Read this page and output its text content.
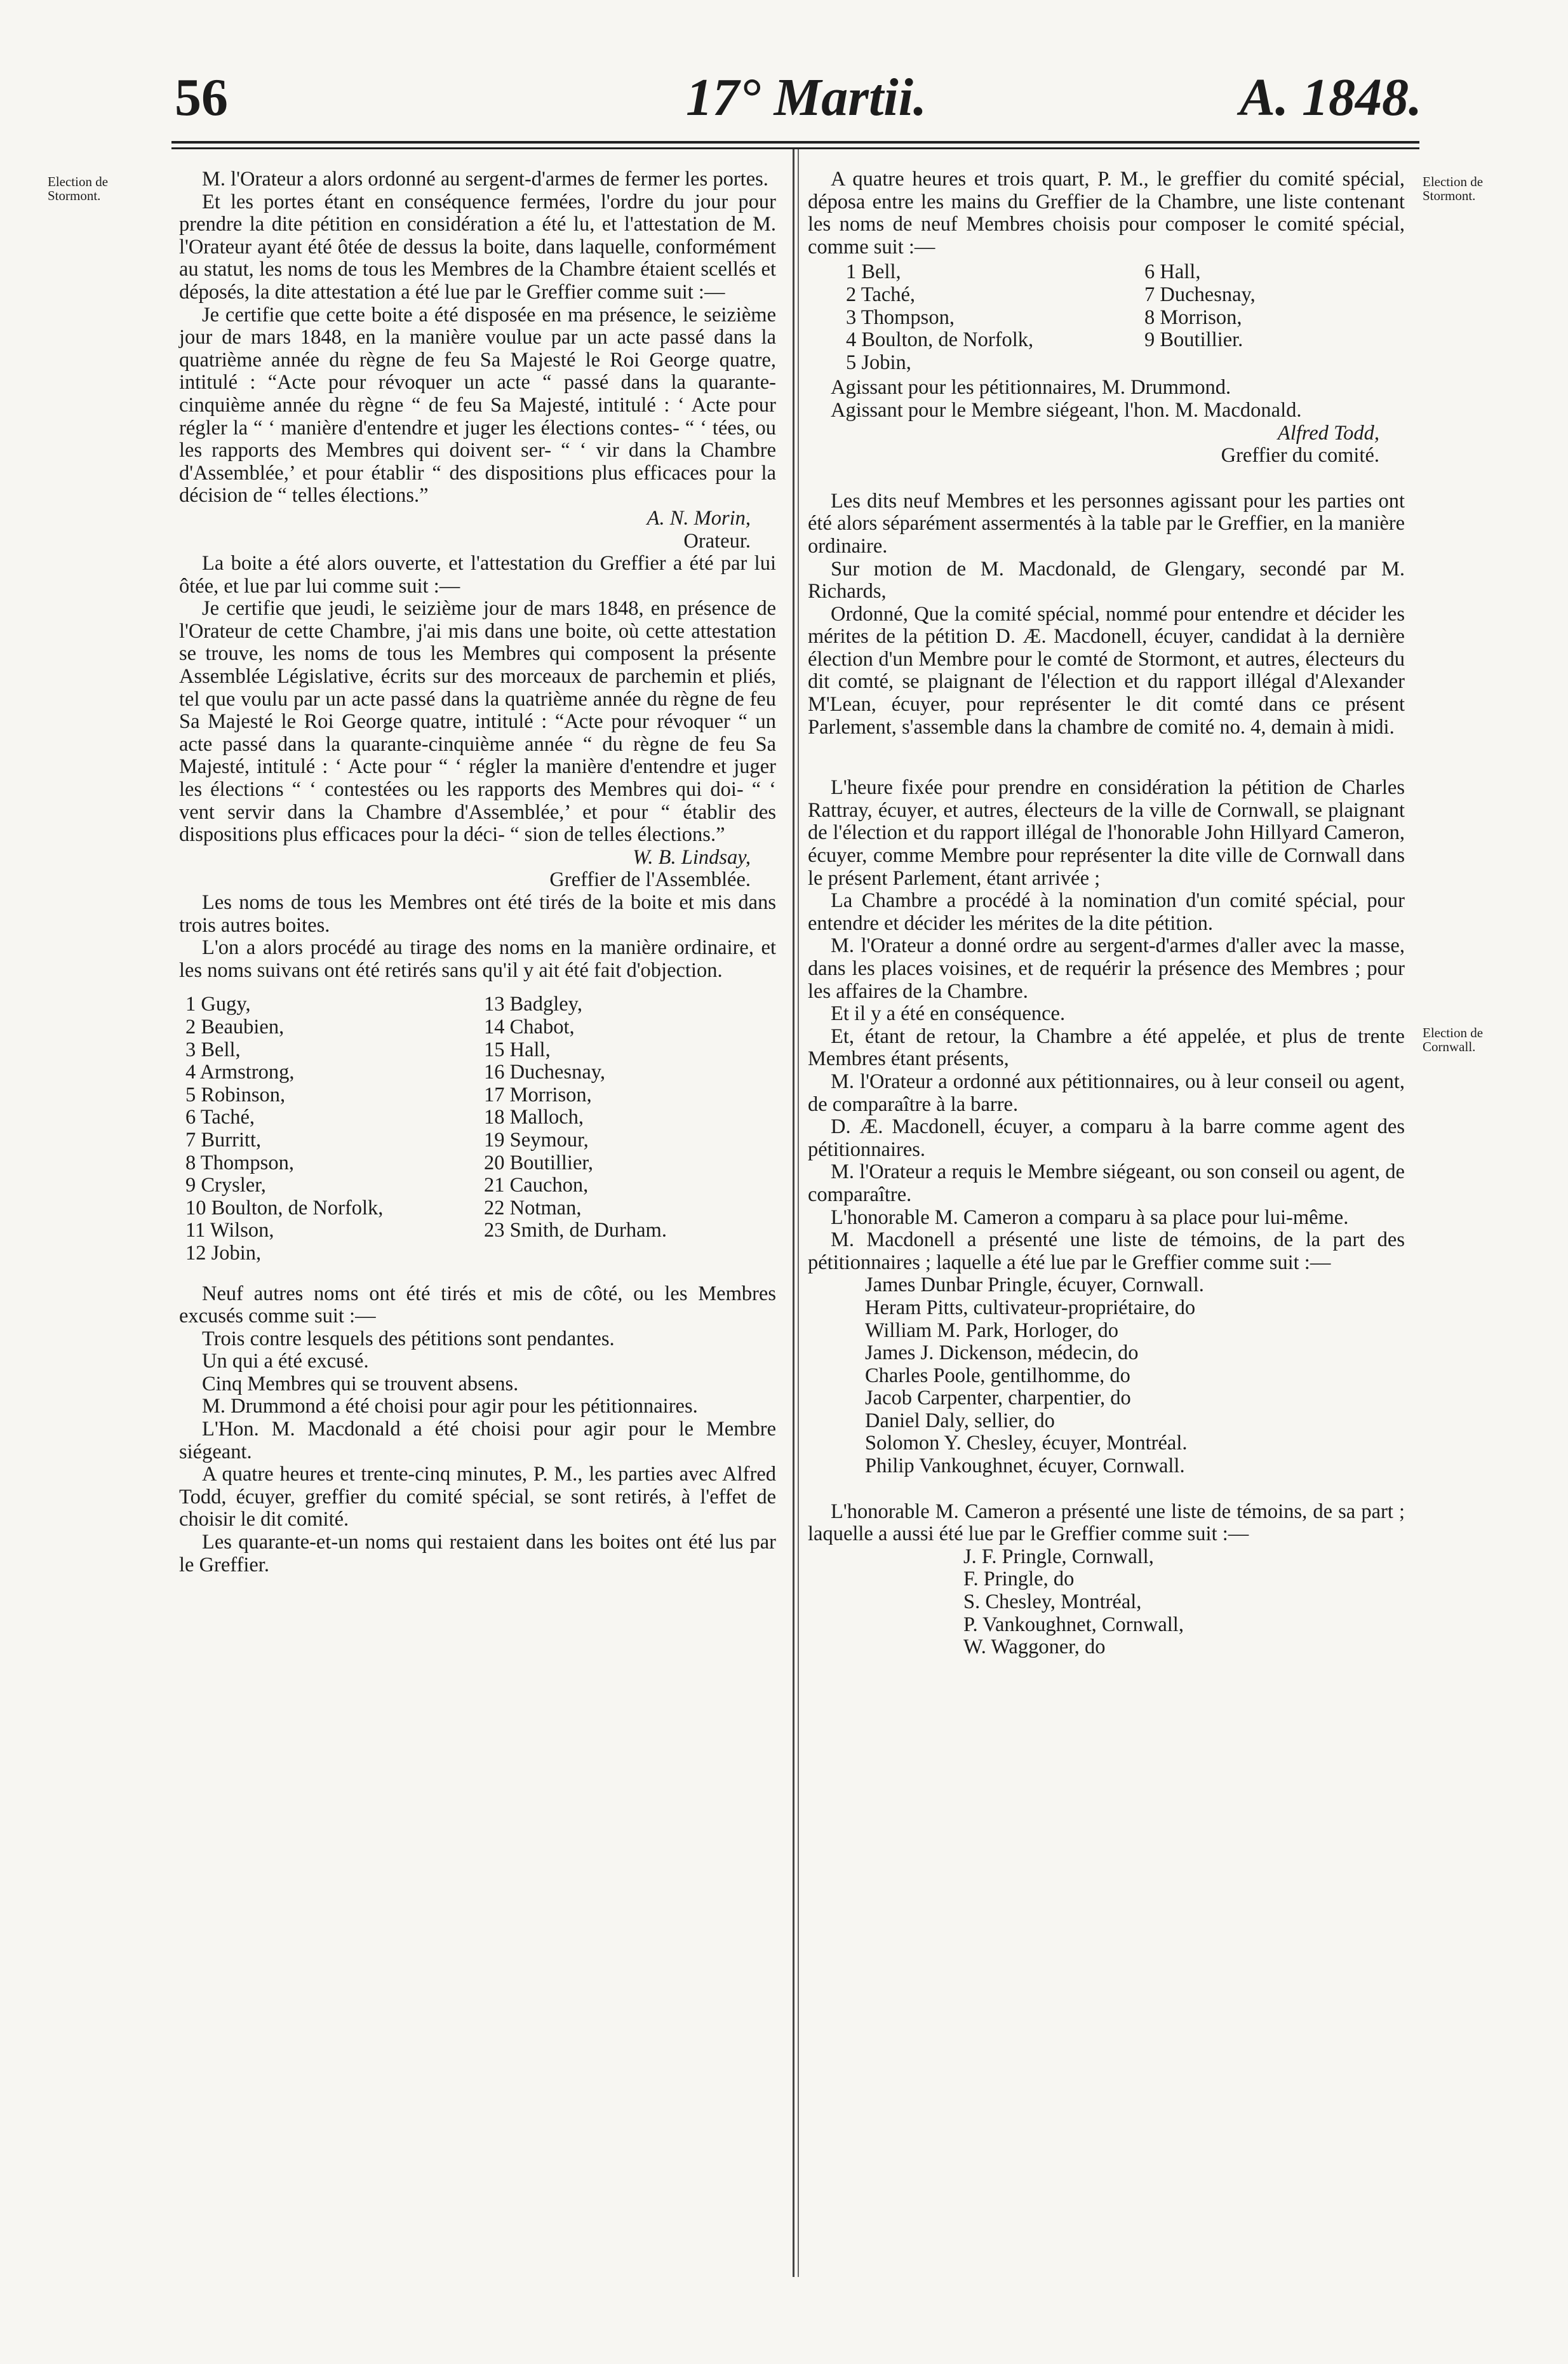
56	17° Martii.	A. 1848.
Election de Stormont.
Election de Stormont.
Election de Cornwall.

M. l'Orateur a alors ordonné au sergent-d'armes de fermer les portes.

Et les portes étant en conséquence fermées, l'ordre du jour pour prendre la dite pétition en considération a été lu, et l'attestation de M. l'Orateur ayant été ôtée de dessus la boite, dans laquelle, conformément au statut, les noms de tous les Membres de la Chambre étaient scellés et déposés, la dite attestation a été lue par le Greffier comme suit :—

Je certifie que cette boite a été disposée en ma présence, le seizième jour de mars 1848, en la manière voulue par un acte passé dans la quatrième année du règne de feu Sa Majesté le Roi George quatre, intitulé : “Acte pour révoquer un acte “ passé dans la quarante-cinquième année du règne “ de feu Sa Majesté, intitulé : ‘ Acte pour régler la “ ‘ manière d'entendre et juger les élections contes- “ ‘ tées, ou les rapports des Membres qui doivent ser- “ ‘ vir dans la Chambre d'Assemblée,’ et pour établir “ des dispositions plus efficaces pour la décision de “ telles élections.”

A. N. Morin,
Orateur.

La boite a été alors ouverte, et l'attestation du Greffier a été par lui ôtée, et lue par lui comme suit :—

Je certifie que jeudi, le seizième jour de mars 1848, en présence de l'Orateur de cette Chambre, j'ai mis dans une boite, où cette attestation se trouve, les noms de tous les Membres qui composent la présente Assemblée Législative, écrits sur des morceaux de parchemin et pliés, tel que voulu par un acte passé dans la quatrième année du règne de feu Sa Majesté le Roi George quatre, intitulé : “Acte pour révoquer “ un acte passé dans la quarante-cinquième année “ du règne de feu Sa Majesté, intitulé : ‘ Acte pour “ ‘ régler la manière d'entendre et juger les élections “ ‘ contestées ou les rapports des Membres qui doi- “ ‘ vent servir dans la Chambre d'Assemblée,’ et pour “ établir des dispositions plus efficaces pour la déci- “ sion de telles élections.”

W. B. Lindsay,
Greffier de l'Assemblée.

Les noms de tous les Membres ont été tirés de la boite et mis dans trois autres boites.

L'on a alors procédé au tirage des noms en la manière ordinaire, et les noms suivans ont été retirés sans qu'il y ait été fait d'objection.

1 Gugy,	13 Badgley,
2 Beaubien,	14 Chabot,
3 Bell,	15 Hall,
4 Armstrong,	16 Duchesnay,
5 Robinson,	17 Morrison,
6 Taché,	18 Malloch,
7 Burritt,	19 Seymour,
8 Thompson,	20 Boutillier,
9 Crysler,	21 Cauchon,
10 Boulton, de Norfolk,	22 Notman,
11 Wilson,	23 Smith, de Durham.
12 Jobin,

Neuf autres noms ont été tirés et mis de côté, ou les Membres excusés comme suit :—

Trois contre lesquels des pétitions sont pendantes.

Un qui a été excusé.

Cinq Membres qui se trouvent absens.

M. Drummond a été choisi pour agir pour les pétitionnaires.

L'Hon. M. Macdonald a été choisi pour agir pour le Membre siégeant.

A quatre heures et trente-cinq minutes, P. M., les parties avec Alfred Todd, écuyer, greffier du comité spécial, se sont retirés, à l'effet de choisir le dit comité.

Les quarante-et-un noms qui restaient dans les boites ont été lus par le Greffier.

A quatre heures et trois quart, P. M., le greffier du comité spécial, déposa entre les mains du Greffier de la Chambre, une liste contenant les noms de neuf Membres choisis pour composer le comité spécial, comme suit :—

1 Bell,	6 Hall,
2 Taché,	7 Duchesnay,
3 Thompson,	8 Morrison,
4 Boulton, de Norfolk,	9 Boutillier.
5 Jobin,

Agissant pour les pétitionnaires, M. Drummond.

Agissant pour le Membre siégeant, l'hon. M. Macdonald.

Alfred Todd,
Greffier du comité.

Les dits neuf Membres et les personnes agissant pour les parties ont été alors séparément assermentés à la table par le Greffier, en la manière ordinaire.

Sur motion de M. Macdonald, de Glengary, secondé par M. Richards,

Ordonné, Que la comité spécial, nommé pour entendre et décider les mérites de la pétition D. Æ. Macdonell, écuyer, candidat à la dernière élection d'un Membre pour le comté de Stormont, et autres, électeurs du dit comté, se plaignant de l'élection et du rapport illégal d'Alexander M'Lean, écuyer, pour représenter le dit comté dans ce présent Parlement, s'assemble dans la chambre de comité no. 4, demain à midi.

L'heure fixée pour prendre en considération la pétition de Charles Rattray, écuyer, et autres, électeurs de la ville de Cornwall, se plaignant de l'élection et du rapport illégal de l'honorable John Hillyard Cameron, écuyer, comme Membre pour représenter la dite ville de Cornwall dans le présent Parlement, étant arrivée ;

La Chambre a procédé à la nomination d'un comité spécial, pour entendre et décider les mérites de la dite pétition.

M. l'Orateur a donné ordre au sergent-d'armes d'aller avec la masse, dans les places voisines, et de requérir la présence des Membres ; pour les affaires de la Chambre.

Et il y a été en conséquence.

Et, étant de retour, la Chambre a été appelée, et plus de trente Membres étant présents,

M. l'Orateur a ordonné aux pétitionnaires, ou à leur conseil ou agent, de comparaître à la barre.

D. Æ. Macdonell, écuyer, a comparu à la barre comme agent des pétitionnaires.

M. l'Orateur a requis le Membre siégeant, ou son conseil ou agent, de comparaître.

L'honorable M. Cameron a comparu à sa place pour lui-même.

M. Macdonell a présenté une liste de témoins, de la part des pétitionnaires ; laquelle a été lue par le Greffier comme suit :—

James Dunbar Pringle, écuyer, Cornwall.
Heram Pitts, cultivateur-propriétaire, do
William M. Park, Horloger, do
James J. Dickenson, médecin, do
Charles Poole, gentilhomme, do
Jacob Carpenter, charpentier, do
Daniel Daly, sellier, do
Solomon Y. Chesley, écuyer, Montréal.
Philip Vankoughnet, écuyer, Cornwall.

L'honorable M. Cameron a présenté une liste de témoins, de sa part ; laquelle a aussi été lue par le Greffier comme suit :—

J. F. Pringle, Cornwall,
F. Pringle, do
S. Chesley, Montréal,
P. Vankoughnet, Cornwall,
W. Waggoner, do
